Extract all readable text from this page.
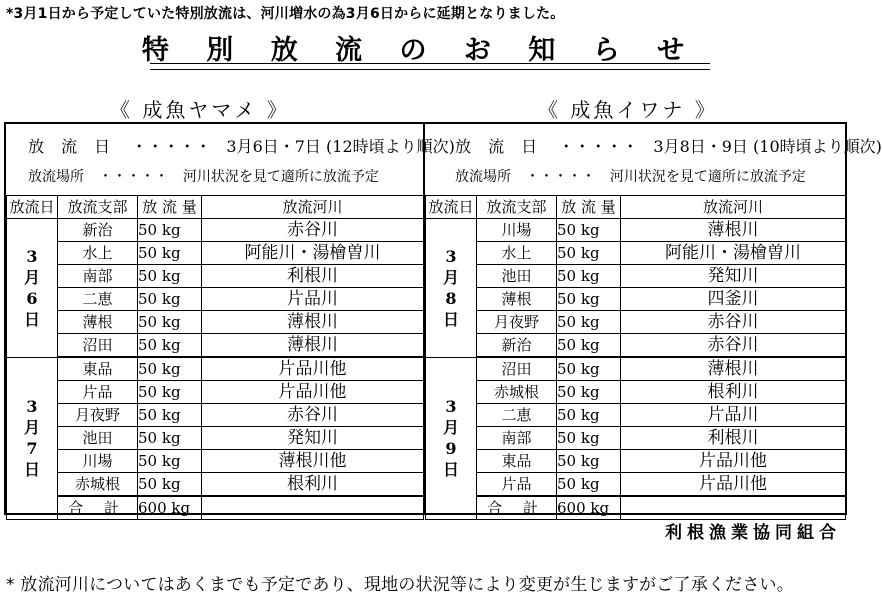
*3月1日から予定していた特別放流は、河川増水の為3月6日からに延期となりました。
特 別 放 流 の お 知 ら せ
《 成魚ヤマメ 》	《 成魚イワナ 》
放 流 日 ・・・・・ 3月6日・7日 (12時頃より順次)
放流場所 ・・・・・ 河川状況を見て適所に放流予定
放流日	放流支部	放 流 量	放流河川

3
月
6
日	新治	50 kg	赤谷川
	水上	50 kg	阿能川・湯檜曽川
	南部	50 kg	利根川
	二恵	50 kg	片品川
	薄根	50 kg	薄根川
	沼田	50 kg	薄根川

3
月
7
日	東品	50 kg	片品川他
	片品	50 kg	片品川他
	月夜野	50 kg	赤谷川
	池田	50 kg	発知川
	川場	50 kg	薄根川他
	赤城根	50 kg	根利川
	合 計	600 kg	
放 流 日 ・・・・・ 3月8日・9日 (10時頃より順次)
放流場所 ・・・・・ 河川状況を見て適所に放流予定
放流日	放流支部	放 流 量	放流河川

3
月
8
日	川場	50 kg	薄根川
	水上	50 kg	阿能川・湯檜曽川
	池田	50 kg	発知川
	薄根	50 kg	四釜川
	月夜野	50 kg	赤谷川
	新治	50 kg	赤谷川

3
月
9
日	沼田	50 kg	薄根川
	赤城根	50 kg	根利川
	二恵	50 kg	片品川
	南部	50 kg	利根川
	東品	50 kg	片品川他
	片品	50 kg	片品川他
	合 計	600 kg	
利根漁業協同組合
* 放流河川についてはあくまでも予定であり、現地の状況等により変更が生じますがご了承ください。
